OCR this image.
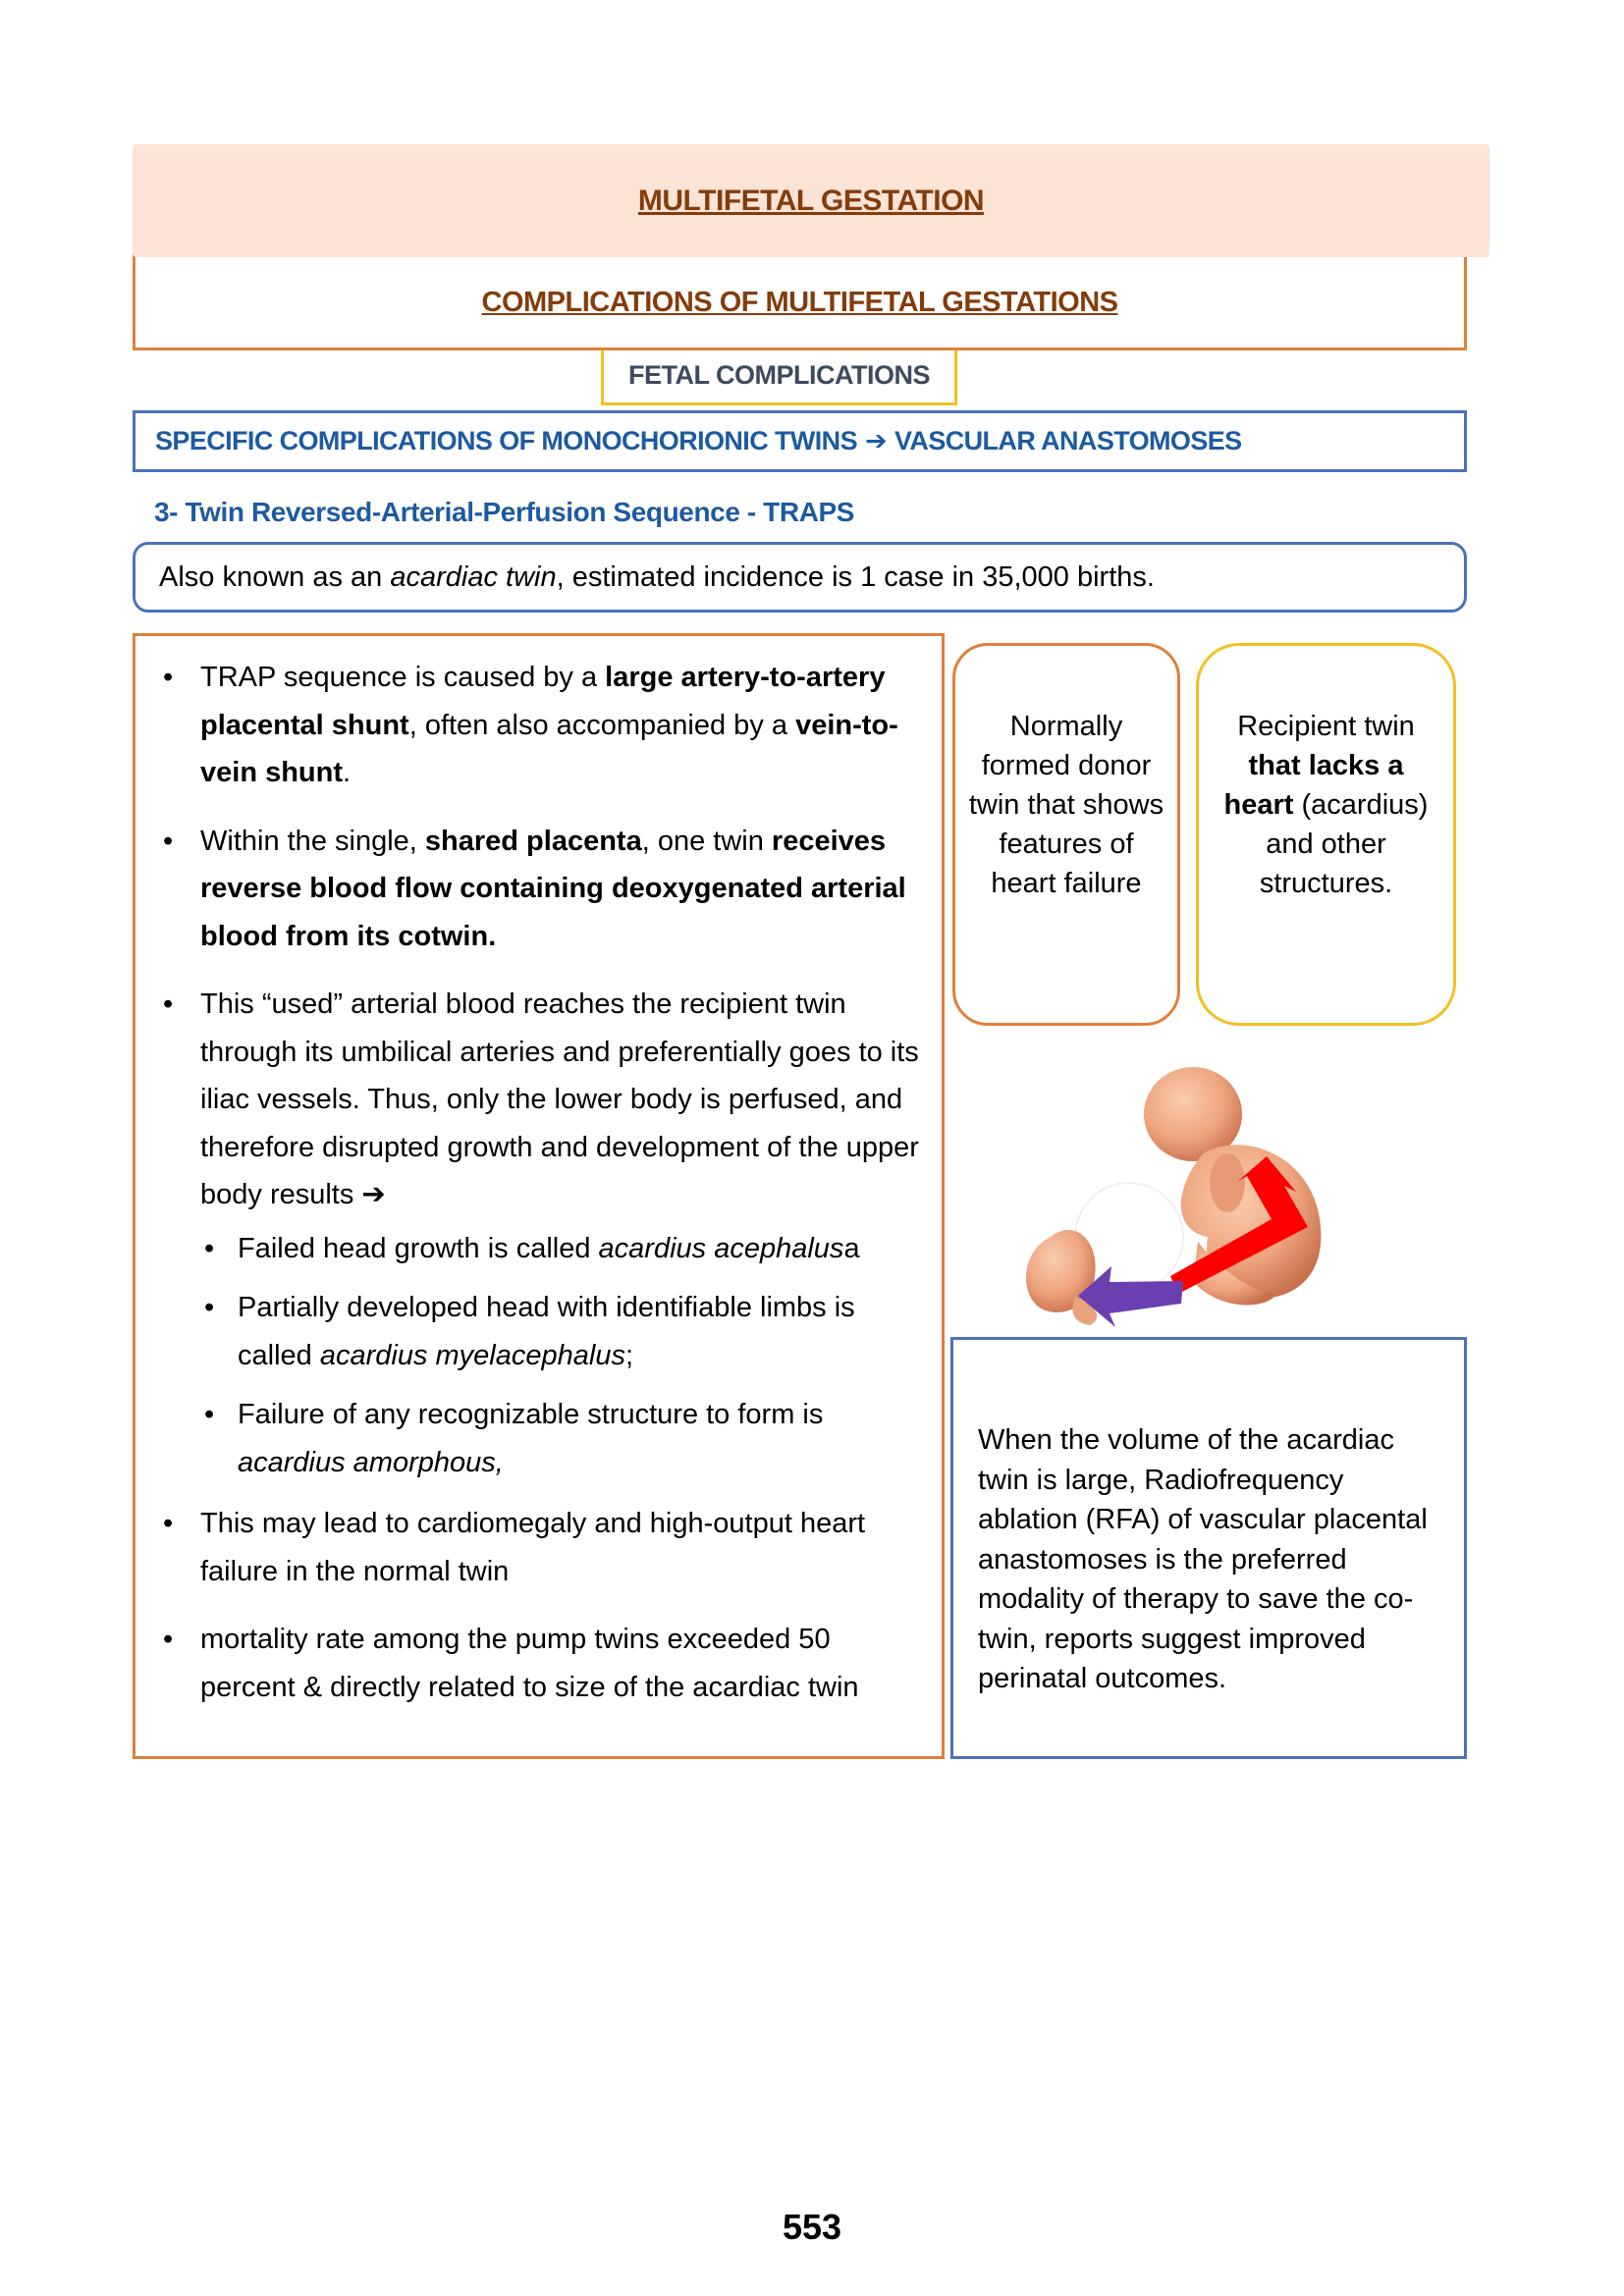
MULTIFETAL GESTATION
COMPLICATIONS OF MULTIFETAL GESTATIONS
FETAL COMPLICATIONS
SPECIFIC COMPLICATIONS OF MONOCHORIONIC TWINS ➔ VASCULAR ANASTOMOSES
3- Twin Reversed-Arterial-Perfusion Sequence - TRAPS
Also known as an acardiac twin, estimated incidence is 1 case in 35,000 births.
• TRAP sequence is caused by a large artery-to-artery placental shunt, often also accompanied by a vein-to-vein shunt.
• Within the single, shared placenta, one twin receives reverse blood flow containing deoxygenated arterial blood from its cotwin.
• This “used” arterial blood reaches the recipient twin through its umbilical arteries and preferentially goes to its iliac vessels. Thus, only the lower body is perfused, and therefore disrupted growth and development of the upper body results ➔
• Failed head growth is called acardius acephalusa
• Partially developed head with identifiable limbs is called acardius myelacephalus;
• Failure of any recognizable structure to form is acardius amorphous,
• This may lead to cardiomegaly and high-output heart failure in the normal twin
• mortality rate among the pump twins exceeded 50 percent & directly related to size of the acardiac twin
Normally formed donor twin that shows features of heart failure
Recipient twin that lacks a heart (acardius) and other structures.
When the volume of the acardiac twin is large, Radiofrequency ablation (RFA) of vascular placental anastomoses is the preferred modality of therapy to save the co-twin, reports suggest improved perinatal outcomes.
553
